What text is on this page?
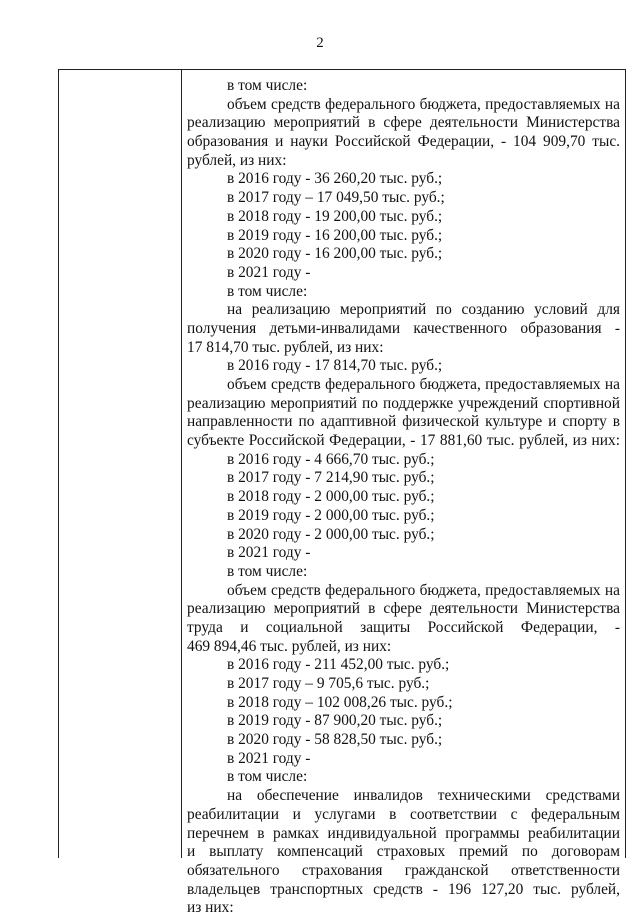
2
в том числе:
объем средств федерального бюджета, предоставляемых на
реализацию мероприятий в сфере деятельности Министерства
образования и науки Российской Федерации, - 104 909,70 тыс.
рублей, из них:
в 2016 году - 36 260,20 тыс. руб.;
в 2017 году – 17 049,50 тыс. руб.;
в 2018 году - 19 200,00 тыс. руб.;
в 2019 году - 16 200,00 тыс. руб.;
в 2020 году - 16 200,00 тыс. руб.;
в 2021 году -
в том числе:
на реализацию мероприятий по созданию условий для
получения детьми-инвалидами качественного образования -
17 814,70 тыс. рублей, из них:
в 2016 году - 17 814,70 тыс. руб.;
объем средств федерального бюджета, предоставляемых на
реализацию мероприятий по поддержке учреждений спортивной
направленности по адаптивной физической культуре и спорту в
субъекте Российской Федерации, - 17 881,60 тыс. рублей, из них:
в 2016 году - 4 666,70 тыс. руб.;
в 2017 году - 7 214,90 тыс. руб.;
в 2018 году - 2 000,00 тыс. руб.;
в 2019 году - 2 000,00 тыс. руб.;
в 2020 году - 2 000,00 тыс. руб.;
в 2021 году -
в том числе:
объем средств федерального бюджета, предоставляемых на
реализацию мероприятий в сфере деятельности Министерства
труда и социальной защиты Российской Федерации, -
469 894,46 тыс. рублей, из них:
в 2016 году - 211 452,00 тыс. руб.;
в 2017 году – 9 705,6 тыс. руб.;
в 2018 году – 102 008,26 тыс. руб.;
в 2019 году - 87 900,20 тыс. руб.;
в 2020 году - 58 828,50 тыс. руб.;
в 2021 году -
в том числе:
на обеспечение инвалидов техническими средствами
реабилитации и услугами в соответствии с федеральным
перечнем в рамках индивидуальной программы реабилитации
и выплату компенсаций страховых премий по договорам
обязательного страхования гражданской ответственности
владельцев транспортных средств - 196 127,20 тыс. рублей,
из них:
